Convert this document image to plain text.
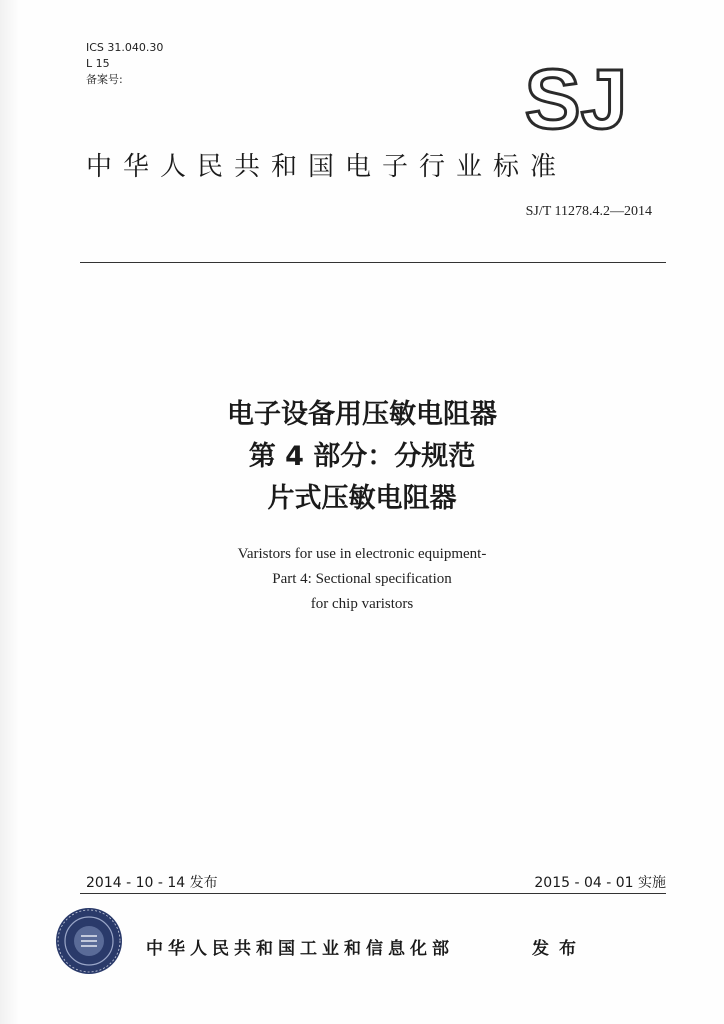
ICS 31.040.30
L 15
备案号:	SJ
中华人民共和国电子行业标准
SJ/T 11278.4.2—2014
电子设备用压敏电阻器
第 4 部分：分规范
片式压敏电阻器
Varistors for use in electronic equipment-
Part 4: Sectional specification
for chip varistors
2014 - 10 - 14 发布	2015 - 04 - 01 实施
中华人民共和国工业和信息化部	发布
